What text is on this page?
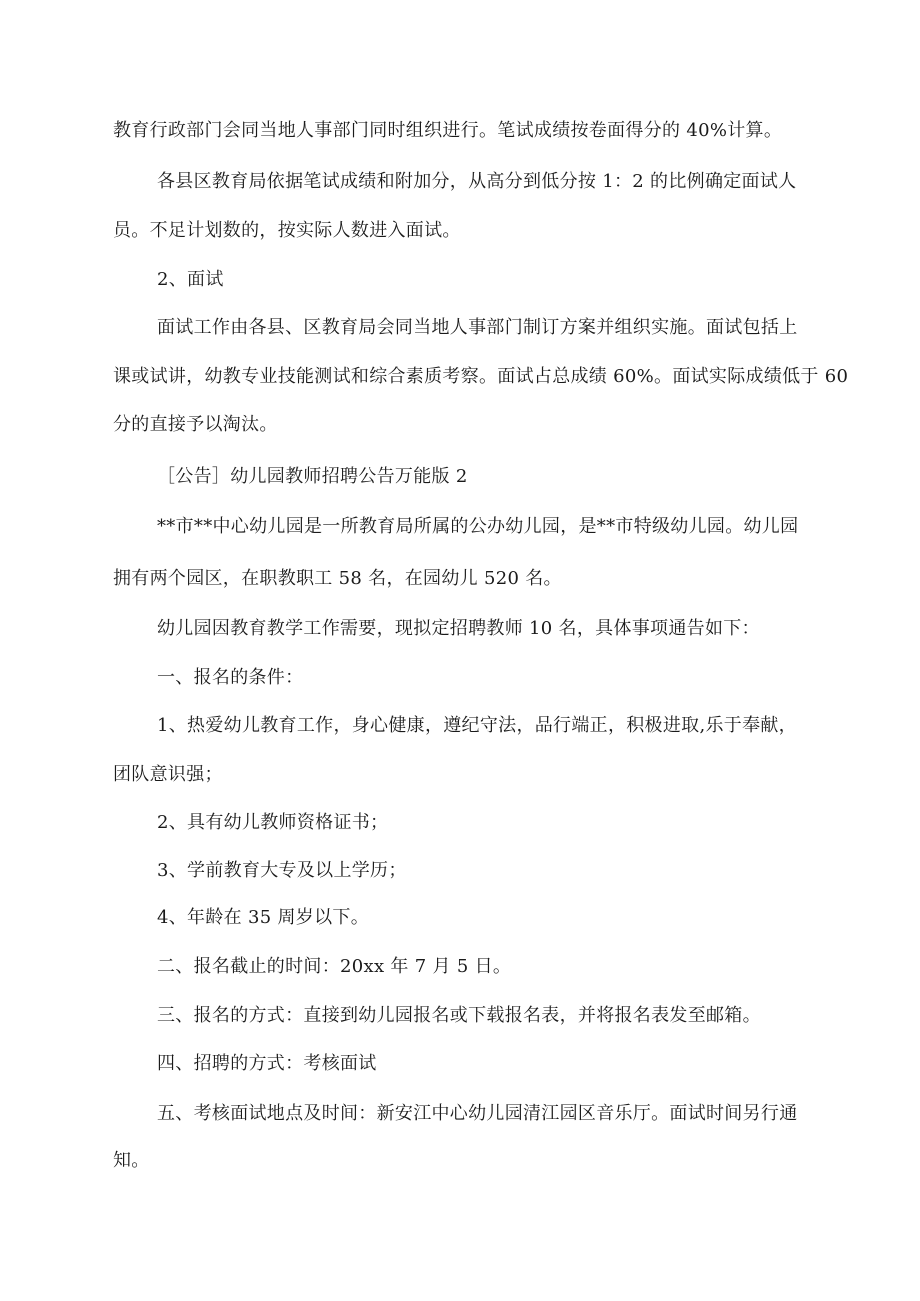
教育行政部门会同当地人事部门同时组织进行。笔试成绩按卷面得分的 40%计算。
各县区教育局依据笔试成绩和附加分，从高分到低分按 1：2 的比例确定面试人
员。不足计划数的，按实际人数进入面试。
2、面试
面试工作由各县、区教育局会同当地人事部门制订方案并组织实施。面试包括上
课或试讲，幼教专业技能测试和综合素质考察。面试占总成绩 60%。面试实际成绩低于 60
分的直接予以淘汰。
［公告］幼儿园教师招聘公告万能版 2
**市**中心幼儿园是一所教育局所属的公办幼儿园，是**市特级幼儿园。幼儿园
拥有两个园区，在职教职工 58 名，在园幼儿 520 名。
幼儿园因教育教学工作需要，现拟定招聘教师 10 名，具体事项通告如下：
一、报名的条件：
1、热爱幼儿教育工作，身心健康，遵纪守法，品行端正，积极进取,乐于奉献，
团队意识强；
2、具有幼儿教师资格证书；
3、学前教育大专及以上学历；
4、年龄在 35 周岁以下。
二、报名截止的时间：20xx 年 7 月 5 日。
三、报名的方式：直接到幼儿园报名或下载报名表，并将报名表发至邮箱。
四、招聘的方式：考核面试
五、考核面试地点及时间：新安江中心幼儿园清江园区音乐厅。面试时间另行通
知。
